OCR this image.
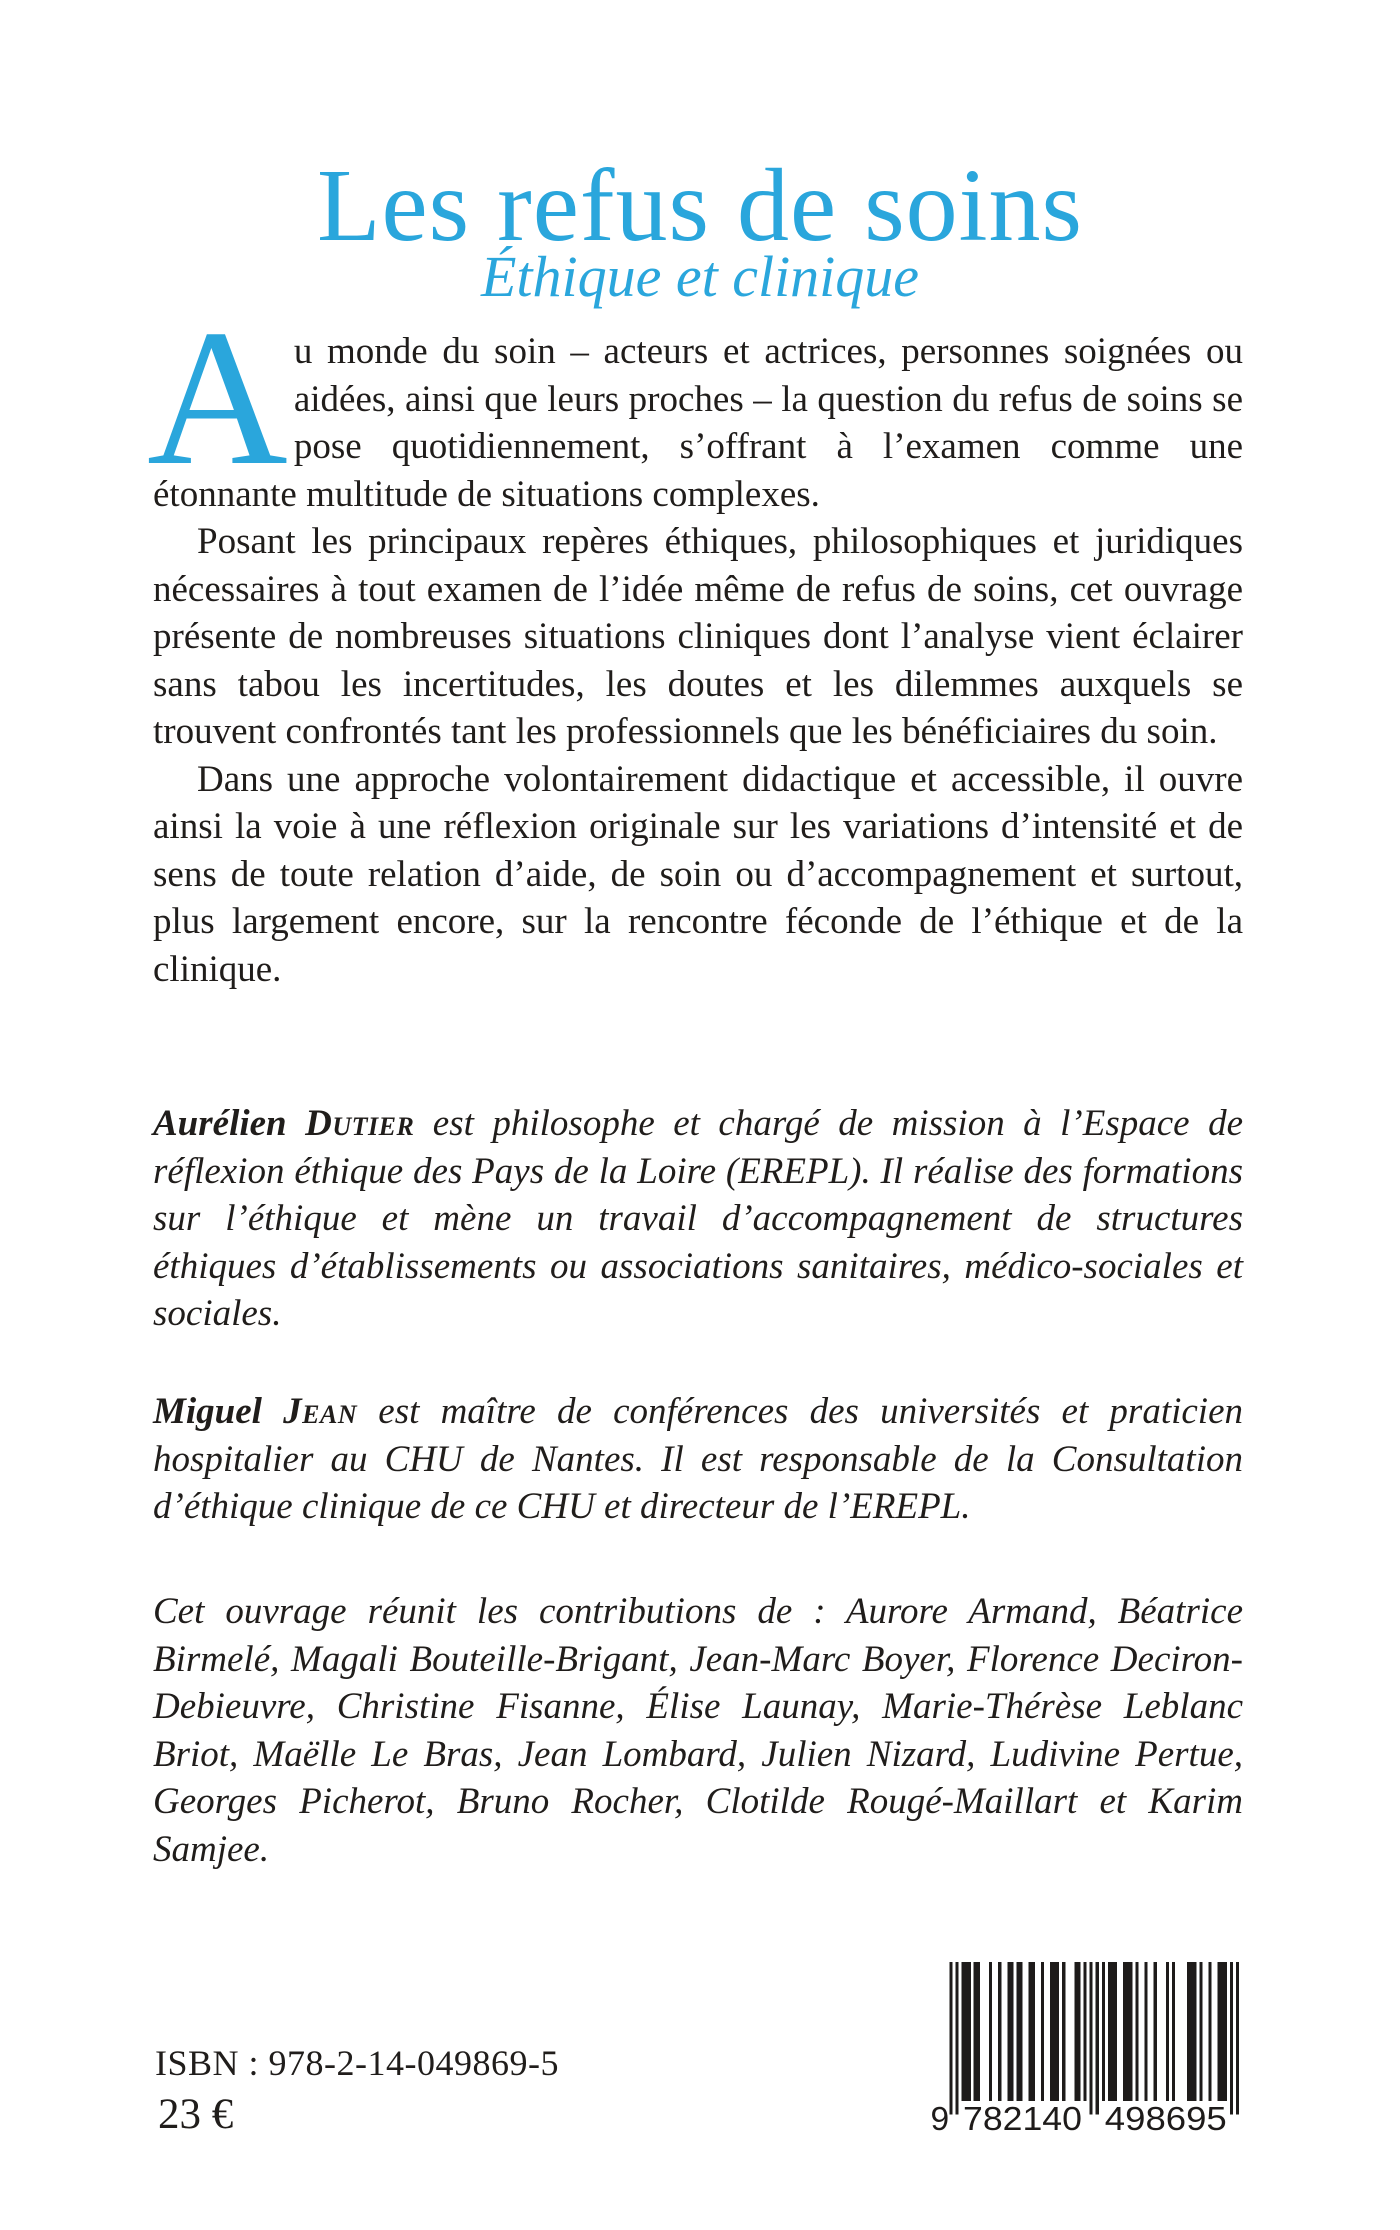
Les refus de soins
Éthique et clinique

Au monde du soin – acteurs et actrices, personnes soignées ou aidées, ainsi que leurs proches – la question du refus de soins se pose quotidiennement, s’offrant à l’examen comme une étonnante multitude de situations complexes.

Posant les principaux repères éthiques, philosophiques et juridiques nécessaires à tout examen de l’idée même de refus de soins, cet ouvrage présente de nombreuses situations cliniques dont l’analyse vient éclairer sans tabou les incertitudes, les doutes et les dilemmes auxquels se trouvent confrontés tant les professionnels que les bénéficiaires du soin.

Dans une approche volontairement didactique et accessible, il ouvre ainsi la voie à une réflexion originale sur les variations d’intensité et de sens de toute relation d’aide, de soin ou d’accompagnement et surtout, plus largement encore, sur la rencontre féconde de l’éthique et de la clinique.

Aurélien Dutier est philosophe et chargé de mission à l’Espace de réflexion éthique des Pays de la Loire (EREPL). Il réalise des formations sur l’éthique et mène un travail d’accompagnement de structures éthiques d’établissements ou associations sanitaires, médico-sociales et sociales.

Miguel Jean est maître de conférences des universités et praticien hospitalier au CHU de Nantes. Il est responsable de la Consultation d’éthique clinique de ce CHU et directeur de l’EREPL.

Cet ouvrage réunit les contributions de : Aurore Armand, Béatrice Birmelé, Magali Bouteille-Brigant, Jean-Marc Boyer, Florence Deciron-Debieuvre, Christine Fisanne, Élise Launay, Marie-Thérèse Leblanc Briot, Maëlle Le Bras, Jean Lombard, Julien Nizard, Ludivine Pertue, Georges Picherot, Bruno Rocher, Clotilde Rougé-Maillart et Karim Samjee.

ISBN : 978-2-14-049869-5
23 €	9 782140 498695
